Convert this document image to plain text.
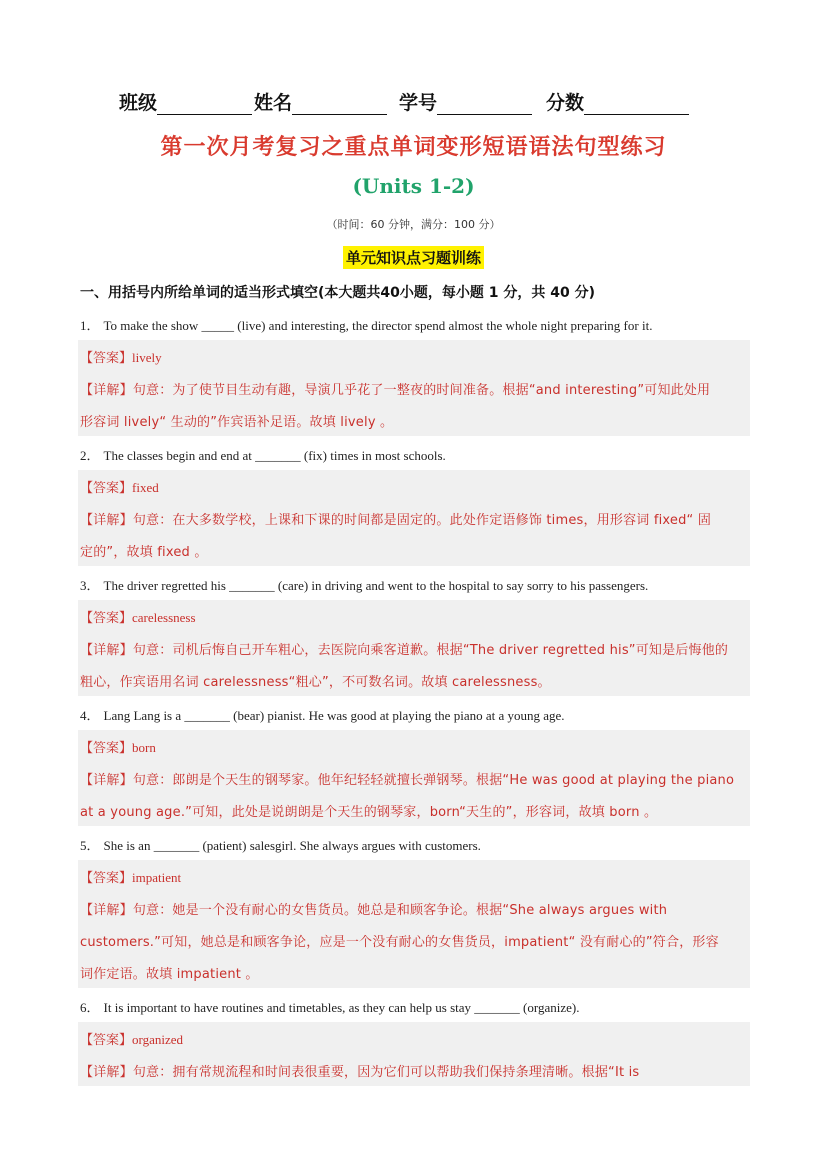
班级	姓名	学号	分数
第一次月考复习之重点单词变形短语语法句型练习
(Units 1-2)
（时间：60 分钟，满分：100 分）
单元知识点习题训练
一、用括号内所给单词的适当形式填空(本大题共40小题，每小题 1 分，共 40 分)
1． To make the show _____ (live) and interesting, the director spend almost the whole night preparing for it.
【答案】lively
【详解】句意：为了使节目生动有趣，导演几乎花了一整夜的时间准备。根据“and interesting”可知此处用
形容词 lively“ 生动的”作宾语补足语。故填 lively 。
2． The classes begin and end at _______ (fix) times in most schools.
【答案】fixed
【详解】句意：在大多数学校，上课和下课的时间都是固定的。此处作定语修饰 times，用形容词 fixed“ 固
定的”，故填 fixed 。
3． The driver regretted his _______ (care) in driving and went to the hospital to say sorry to his passengers.
【答案】carelessness
【详解】句意：司机后悔自己开车粗心，去医院向乘客道歉。根据“The driver regretted his”可知是后悔他的
粗心，作宾语用名词 carelessness“粗心”，不可数名词。故填 carelessness。
4． Lang Lang is a _______ (bear) pianist. He was good at playing the piano at a young age.
【答案】born
【详解】句意：郎朗是个天生的钢琴家。他年纪轻轻就擅长弹钢琴。根据“He was good at playing the piano
at a young age.”可知，此处是说朗朗是个天生的钢琴家，born“天生的”，形容词，故填 born 。
5． She is an _______ (patient) salesgirl. She always argues with customers.
【答案】impatient
【详解】句意：她是一个没有耐心的女售货员。她总是和顾客争论。根据“She always argues with
customers.”可知，她总是和顾客争论，应是一个没有耐心的女售货员，impatient“ 没有耐心的”符合，形容
词作定语。故填 impatient 。
6． It is important to have routines and timetables, as they can help us stay _______ (organize).
【答案】organized
【详解】句意：拥有常规流程和时间表很重要，因为它们可以帮助我们保持条理清晰。根据“It is
